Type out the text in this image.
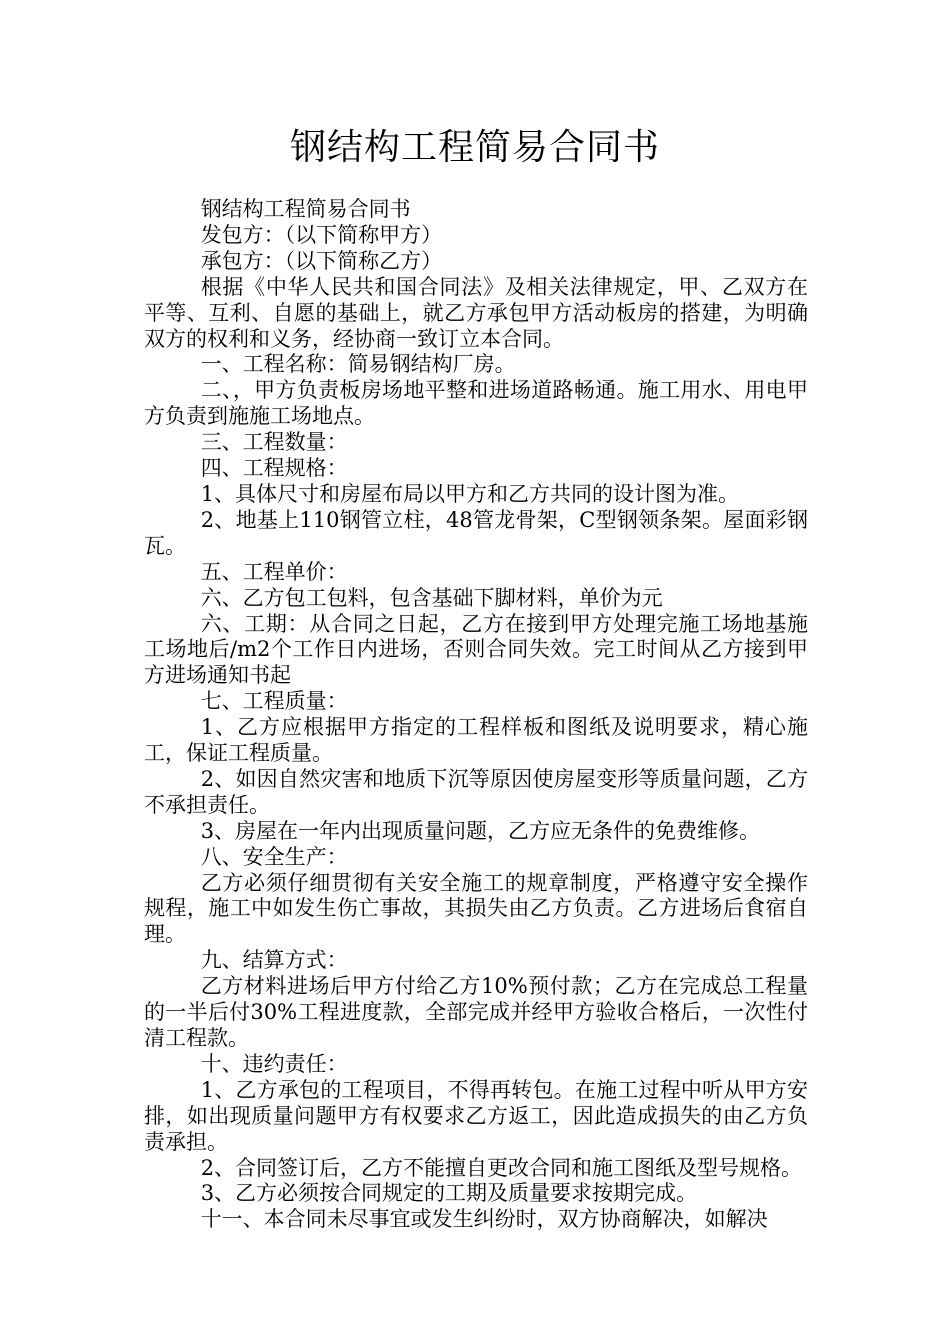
钢结构工程简易合同书

钢结构工程简易合同书

发包方：（以下简称甲方）

承包方：（以下简称乙方）

根据《中华人民共和国合同法》及相关法律规定，甲、乙双方在平等、互利、自愿的基础上，就乙方承包甲方活动板房的搭建，为明确双方的权利和义务，经协商一致订立本合同。

一、工程名称：简易钢结构厂房。

二、，甲方负责板房场地平整和进场道路畅通。施工用水、用电甲方负责到施施工场地点。

三、工程数量：

四、工程规格：

1、具体尺寸和房屋布局以甲方和乙方共同的设计图为准。

2、地基上110钢管立柱，48管龙骨架，C型钢领条架。屋面彩钢瓦。

五、工程单价：

六、乙方包工包料，包含基础下脚材料，单价为元

六、工期：从合同之日起，乙方在接到甲方处理完施工场地基施工场地后/m2个工作日内进场，否则合同失效。完工时间从乙方接到甲方进场通知书起

七、工程质量：

1、乙方应根据甲方指定的工程样板和图纸及说明要求，精心施工，保证工程质量。

2、如因自然灾害和地质下沉等原因使房屋变形等质量问题，乙方不承担责任。

3、房屋在一年内出现质量问题，乙方应无条件的免费维修。

八、安全生产：

乙方必须仔细贯彻有关安全施工的规章制度，严格遵守安全操作规程，施工中如发生伤亡事故，其损失由乙方负责。乙方进场后食宿自理。

九、结算方式：

乙方材料进场后甲方付给乙方10%预付款；乙方在完成总工程量的一半后付30%工程进度款，全部完成并经甲方验收合格后，一次性付清工程款。

十、违约责任：

1、乙方承包的工程项目，不得再转包。在施工过程中听从甲方安排，如出现质量问题甲方有权要求乙方返工，因此造成损失的由乙方负责承担。

2、合同签订后，乙方不能擅自更改合同和施工图纸及型号规格。

3、乙方必须按合同规定的工期及质量要求按期完成。

十一、本合同未尽事宜或发生纠纷时，双方协商解决，如解决
